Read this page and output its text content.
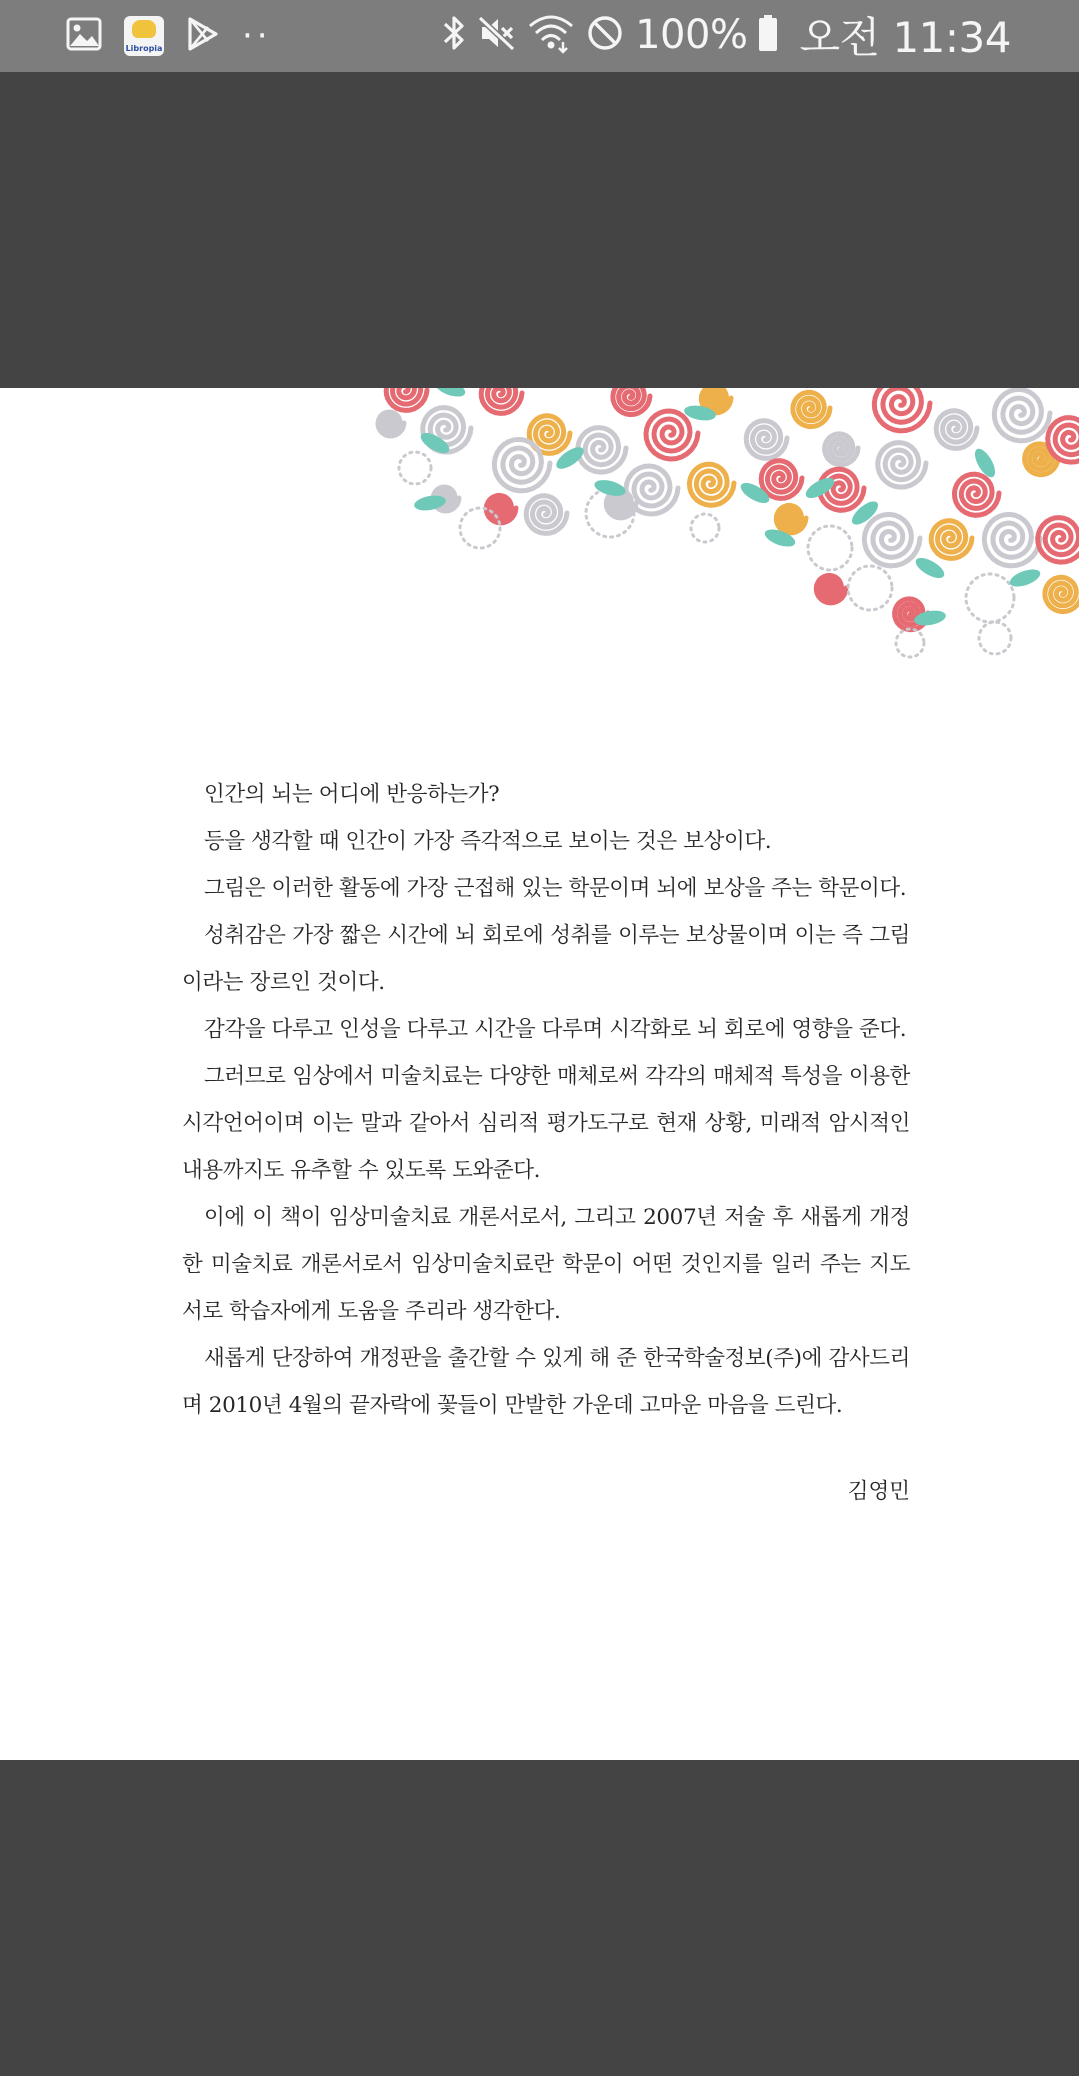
Libropia ··	100% 오전 11:34

인간의 뇌는 어디에 반응하는가?

등을 생각할 때 인간이 가장 즉각적으로 보이는 것은 보상이다.

그림은 이러한 활동에 가장 근접해 있는 학문이며 뇌에 보상을 주는 학문이다.

성취감은 가장 짧은 시간에 뇌 회로에 성취를 이루는 보상물이며 이는 즉 그림이라는 장르인 것이다.

감각을 다루고 인성을 다루고 시간을 다루며 시각화로 뇌 회로에 영향을 준다.

그러므로 임상에서 미술치료는 다양한 매체로써 각각의 매체적 특성을 이용한 시각언어이며 이는 말과 같아서 심리적 평가도구로 현재 상황, 미래적 암시적인 내용까지도 유추할 수 있도록 도와준다.

이에 이 책이 임상미술치료 개론서로서, 그리고 2007년 저술 후 새롭게 개정한 미술치료 개론서로서 임상미술치료란 학문이 어떤 것인지를 일러 주는 지도서로 학습자에게 도움을 주리라 생각한다.

새롭게 단장하여 개정판을 출간할 수 있게 해 준 한국학술정보(주)에 감사드리며 2010년 4월의 끝자락에 꽃들이 만발한 가운데 고마운 마음을 드린다.

김영민
